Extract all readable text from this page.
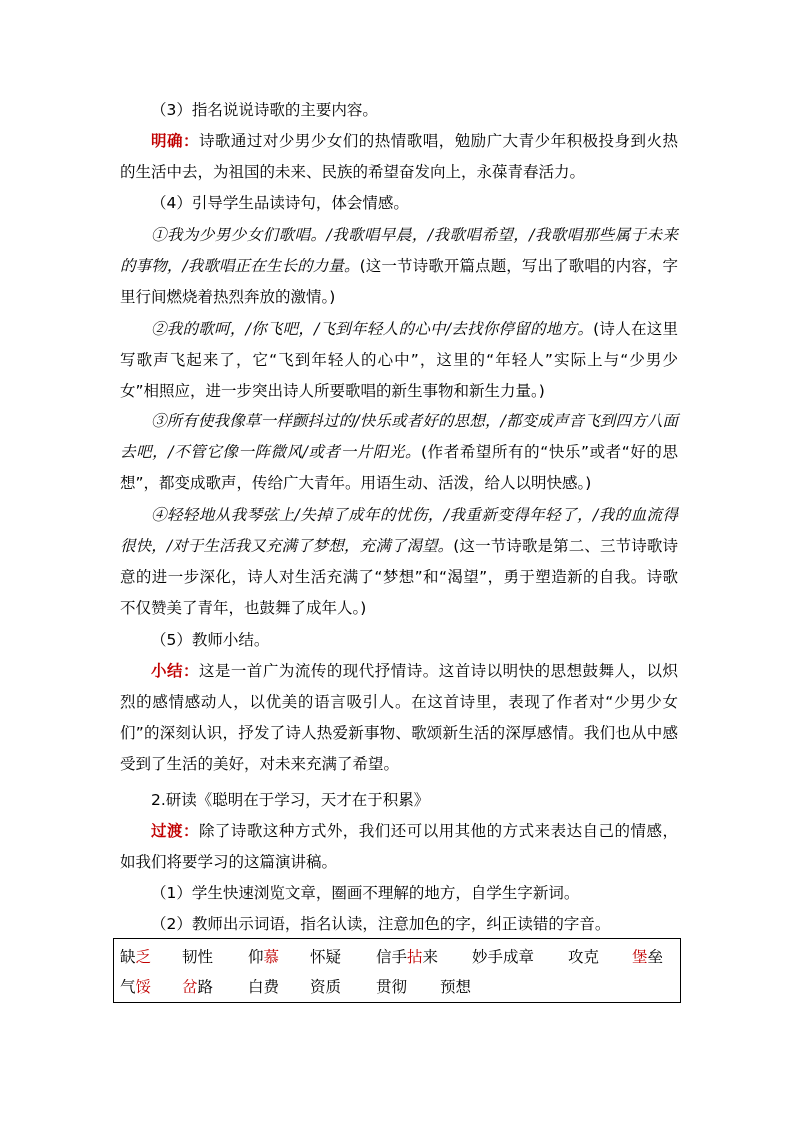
（3）指名说说诗歌的主要内容。

明确：诗歌通过对少男少女们的热情歌唱，勉励广大青少年积极投身到火热的生活中去，为祖国的未来、民族的希望奋发向上，永葆青春活力。

（4）引导学生品读诗句，体会情感。

①我为少男少女们歌唱。/我歌唱早晨，/我歌唱希望，/我歌唱那些属于未来的事物，/我歌唱正在生长的力量。(这一节诗歌开篇点题，写出了歌唱的内容，字里行间燃烧着热烈奔放的激情。)

②我的歌呵，/你飞吧，/飞到年轻人的心中/去找你停留的地方。(诗人在这里写歌声飞起来了，它“飞到年轻人的心中”，这里的“年轻人”实际上与“少男少女”相照应，进一步突出诗人所要歌唱的新生事物和新生力量。)

③所有使我像草一样颤抖过的/快乐或者好的思想，/都变成声音飞到四方八面去吧，/不管它像一阵微风/或者一片阳光。(作者希望所有的“快乐”或者“好的思想”，都变成歌声，传给广大青年。用语生动、活泼，给人以明快感。)

④轻轻地从我琴弦上/失掉了成年的忧伤，/我重新变得年轻了，/我的血流得很快，/对于生活我又充满了梦想，充满了渴望。(这一节诗歌是第二、三节诗歌诗意的进一步深化，诗人对生活充满了“梦想”和“渴望”，勇于塑造新的自我。诗歌不仅赞美了青年，也鼓舞了成年人。)

（5）教师小结。

小结：这是一首广为流传的现代抒情诗。这首诗以明快的思想鼓舞人，以炽烈的感情感动人，以优美的语言吸引人。在这首诗里，表现了作者对“少男少女们”的深刻认识，抒发了诗人热爱新事物、歌颂新生活的深厚感情。我们也从中感受到了生活的美好，对未来充满了希望。

2.研读《聪明在于学习，天才在于积累》

过渡：除了诗歌这种方式外，我们还可以用其他的方式来表达自己的情感，如我们将要学习的这篇演讲稿。

（1）学生快速浏览文章，圈画不理解的地方，自学生字新词。

（2）教师出示词语，指名认读，注意加色的字，纠正读错的字音。

缺乏 韧性 仰慕 怀疑 信手拈来 妙手成章 攻克 堡垒
气馁 岔路 白费 资质 贯彻 预想
